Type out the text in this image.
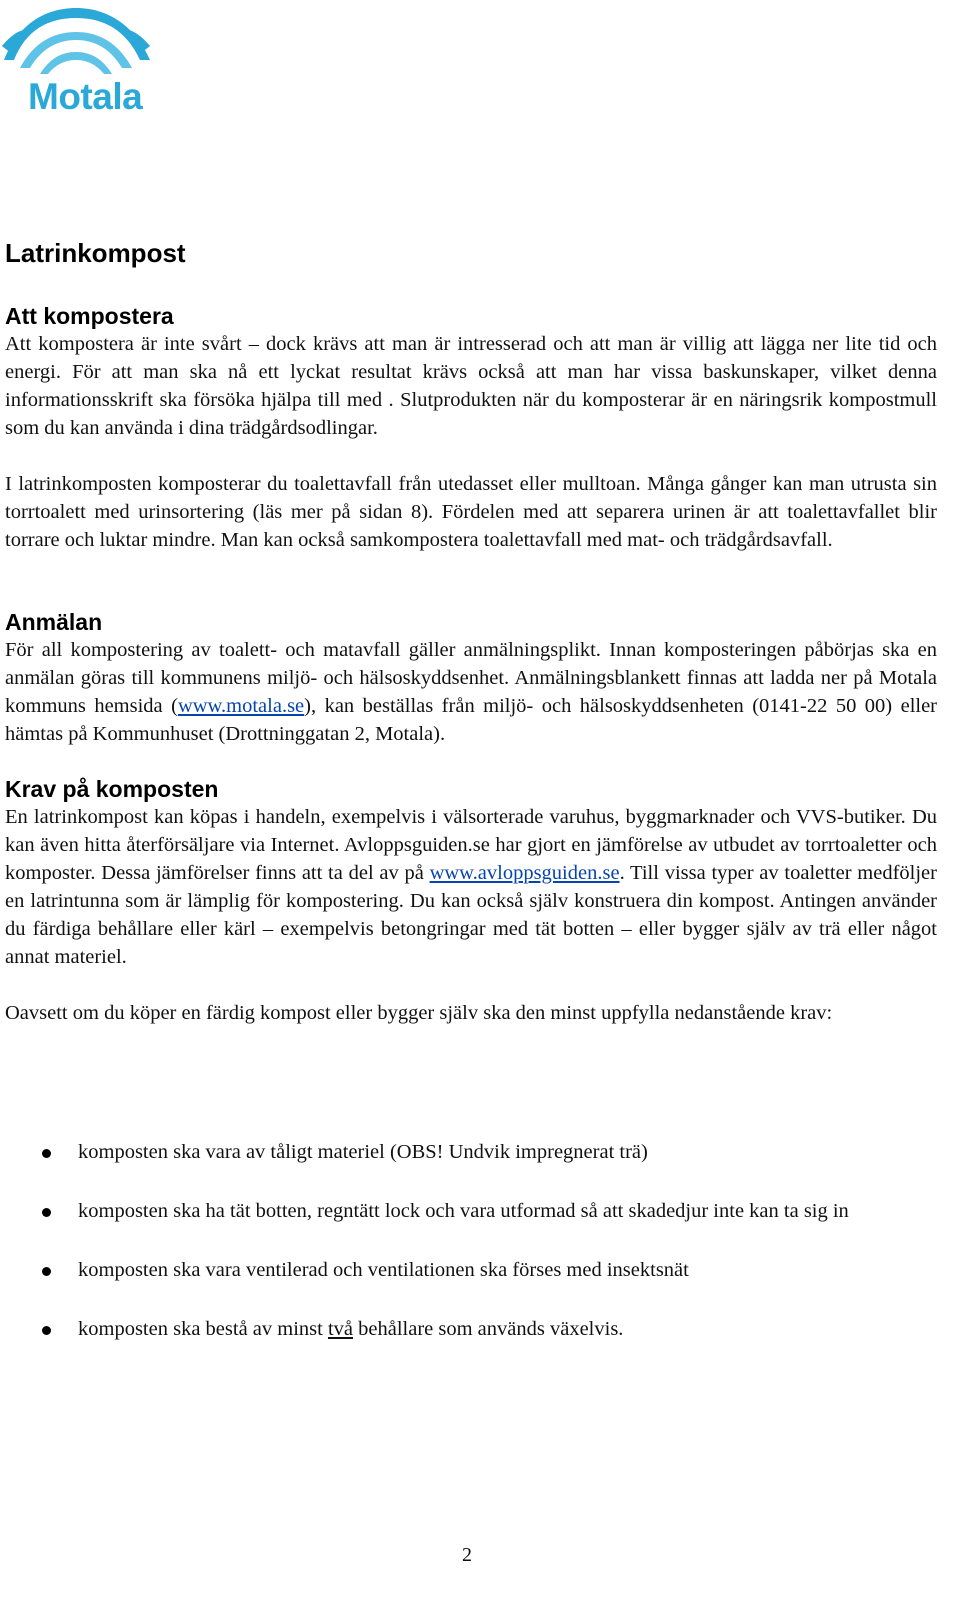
Motala
Latrinkompost
Att kompostera

Att kompostera är inte svårt – dock krävs att man är intresserad och att man är villig att lägga ner lite tid och energi. För att man ska nå ett lyckat resultat krävs också att man har vissa baskunskaper, vilket denna informationsskrift ska försöka hjälpa till med . Slutprodukten när du komposterar är en näringsrik kompostmull som du kan använda i dina trädgårdsodlingar.

I latrinkomposten komposterar du toalettavfall från utedasset eller mulltoan. Många gånger kan man utrusta sin torrtoalett med urinsortering (läs mer på sidan 8). Fördelen med att separera urinen är att toalettavfallet blir torrare och luktar mindre. Man kan också samkompostera toalettavfall med mat- och trädgårdsavfall.

Anmälan

För all kompostering av toalett- och matavfall gäller anmälningsplikt. Innan komposteringen påbörjas ska en anmälan göras till kommunens miljö- och hälsoskyddsenhet. Anmälningsblankett finnas att ladda ner på Motala kommuns hemsida (www.motala.se), kan beställas från miljö- och hälsoskyddsenheten (0141-22 50 00) eller hämtas på Kommunhuset (Drottninggatan 2, Motala).

Krav på komposten

En latrinkompost kan köpas i handeln, exempelvis i välsorterade varuhus, byggmarknader och VVS-butiker. Du kan även hitta återförsäljare via Internet. Avloppsguiden.se har gjort en jämförelse av utbudet av torrtoaletter och komposter. Dessa jämförelser finns att ta del av på www.avloppsguiden.se. Till vissa typer av toaletter medföljer en latrintunna som är lämplig för kompostering. Du kan också själv konstruera din kompost. Antingen använder du färdiga behållare eller kärl – exempelvis betongringar med tät botten – eller bygger själv av trä eller något annat materiel.

Oavsett om du köper en färdig kompost eller bygger själv ska den minst uppfylla nedanstående krav:

komposten ska vara av tåligt materiel (OBS! Undvik impregnerat trä)
komposten ska ha tät botten, regntätt lock och vara utformad så att skadedjur inte kan ta sig in
komposten ska vara ventilerad och ventilationen ska förses med insektsnät
komposten ska bestå av minst två behållare som används växelvis.
2
